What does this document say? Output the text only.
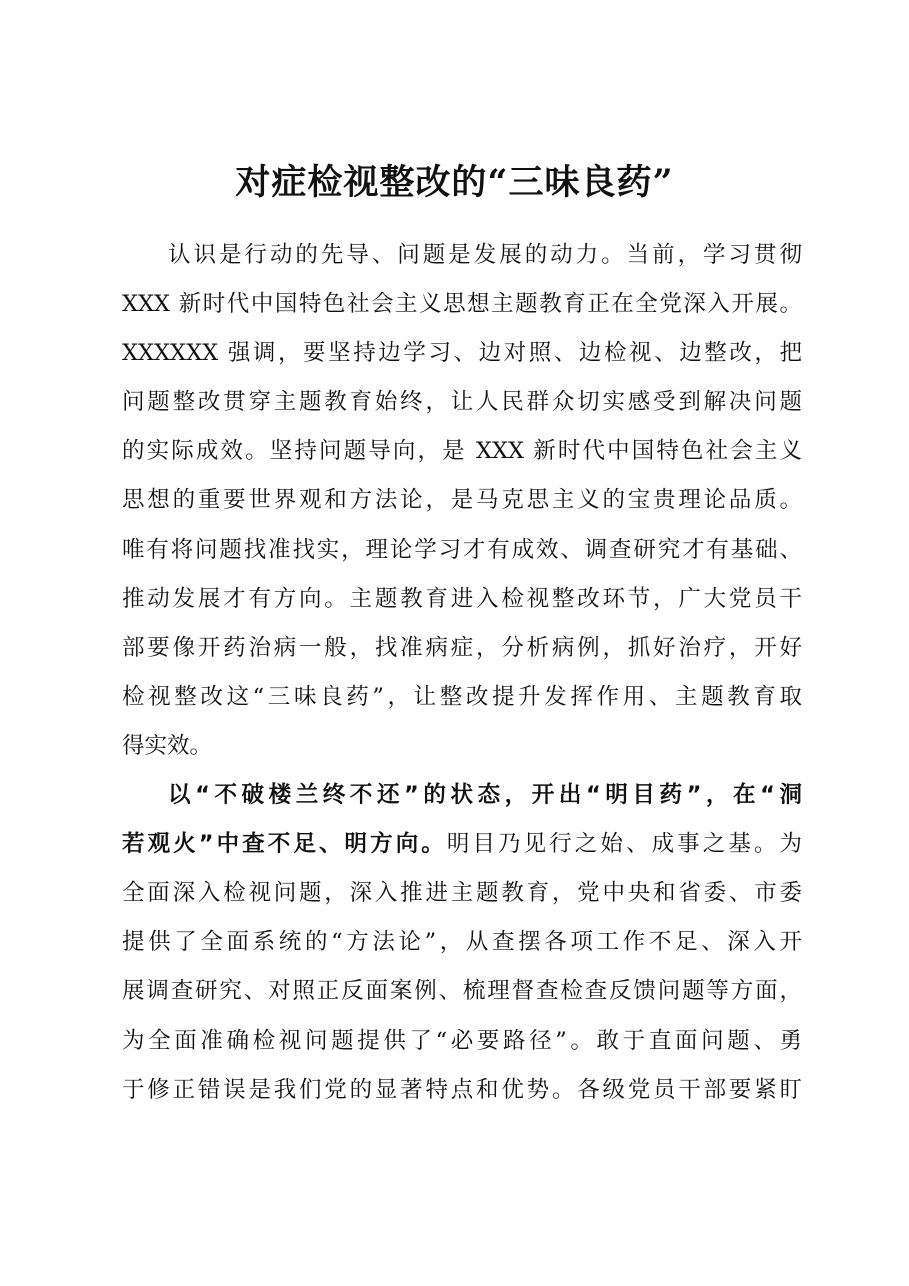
对症检视整改的“三味良药”
认识是行动的先导、问题是发展的动力。当前，学习贯彻
XXX 新时代中国特色社会主义思想主题教育正在全党深入开展。
XXXXXX 强调，要坚持边学习、边对照、边检视、边整改，把
问题整改贯穿主题教育始终，让人民群众切实感受到解决问题
的实际成效。坚持问题导向，是 XXX 新时代中国特色社会主义
思想的重要世界观和方法论，是马克思主义的宝贵理论品质。
唯有将问题找准找实，理论学习才有成效、调查研究才有基础、
推动发展才有方向。主题教育进入检视整改环节，广大党员干
部要像开药治病一般，找准病症，分析病例，抓好治疗，开好
检视整改这“三味良药”，让整改提升发挥作用、主题教育取
得实效。
以“不破楼兰终不还”的状态，开出“明目药”，在“洞
若观火”中查不足、明方向。明目乃见行之始、成事之基。为
全面深入检视问题，深入推进主题教育，党中央和省委、市委
提供了全面系统的“方法论”，从查摆各项工作不足、深入开
展调查研究、对照正反面案例、梳理督查检查反馈问题等方面，
为全面准确检视问题提供了“必要路径”。敢于直面问题、勇
于修正错误是我们党的显著特点和优势。各级党员干部要紧盯
